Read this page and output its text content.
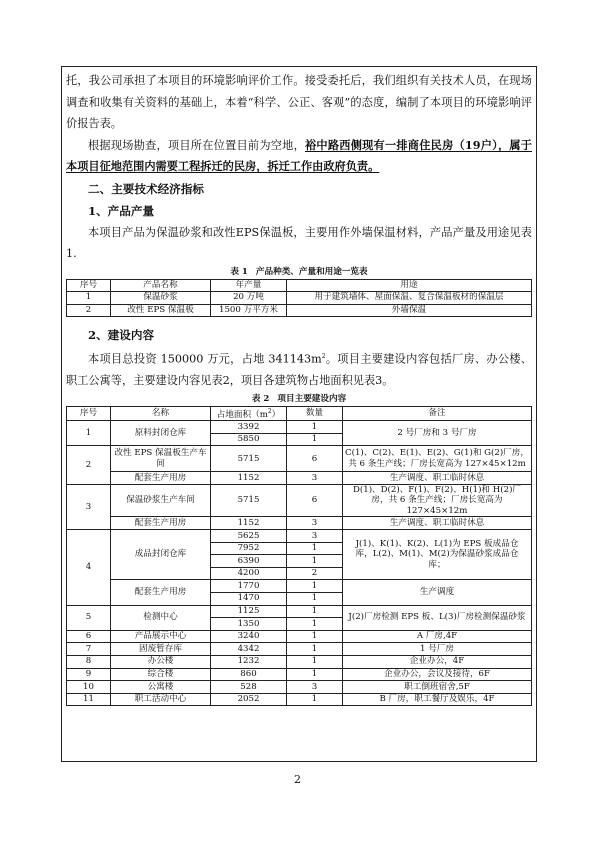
托，我公司承担了本项目的环境影响评价工作。接受委托后，我们组织有关技术人员，在现场调查和收集有关资料的基础上，本着“科学、公正、客观”的态度，编制了本项目的环境影响评价报告表。

根据现场勘查，项目所在位置目前为空地，裕中路西侧现有一排商住民房（19户），属于本项目征地范围内需要工程拆迁的民房，拆迁工作由政府负责。

二、主要技术经济指标

1、产品产量

本项目产品为保温砂浆和改性EPS保温板，主要用作外墙保温材料，产品产量及用途见表1.

表 1 产品种类、产量和用途一览表

序号	产品名称	年产量	用途
1	保温砂浆	20 万吨	用于建筑墙体、屋面保温、复合保温板材的保温层
2	改性 EPS 保温板	1500 万平方米	外墙保温

2、建设内容

本项目总投资 150000 万元，占地 $341143m^2$。项目主要建设内容包括厂房、办公楼、职工公寓等，主要建设内容见表2，项目各建筑物占地面积见表3。

表 2 项目主要建设内容

序号	名称	占地面积$(m^2)$	数量	备注
1	原料封闭仓库	3392	1	2 号厂房和 3 号厂房
		5850	1	
2	改性 EPS 保温板生产车间	5715	6	C(1)、C(2)、E(1)、E(2)、G(1)和 G(2)厂房，共 6 条生产线；厂房长宽高为 127×45×12m
	配套生产用房	1152	3	生产调度、职工临时休息
3	保温砂浆生产车间	5715	6	D(1)、D(2)、F(1)、F(2)、H(1)和 H(2)厂房，共 6 条生产线；厂房长宽高为 127×45×12m
	配套生产用房	1152	3	生产调度、职工临时休息
4	成品封闭仓库	5625	3	J(1)、K(1)、K(2)、L(1)为 EPS 板成品仓库，L(2)、M(1)、M(2)为保温砂浆成品仓库；
		7952	1	
		6390	1	
		4200	2	
	配套生产用房	1770	1	生产调度
		1470	1	
5	检测中心	1125	1	J(2)厂房检测 EPS 板、L(3)厂房检测保温砂浆
		1350	1	
6	产品展示中心	3240	1	A 厂房,4F
7	固废暂存库	4342	1	1 号厂房
8	办公楼	1232	1	企业办公，4F
9	综合楼	860	1	企业办公，会议及接待，6F
10	公寓楼	528	3	职工倒班宿舍,5F
11	职工活动中心	2052	1	B 厂房，职工餐厅及娱乐，4F
2
